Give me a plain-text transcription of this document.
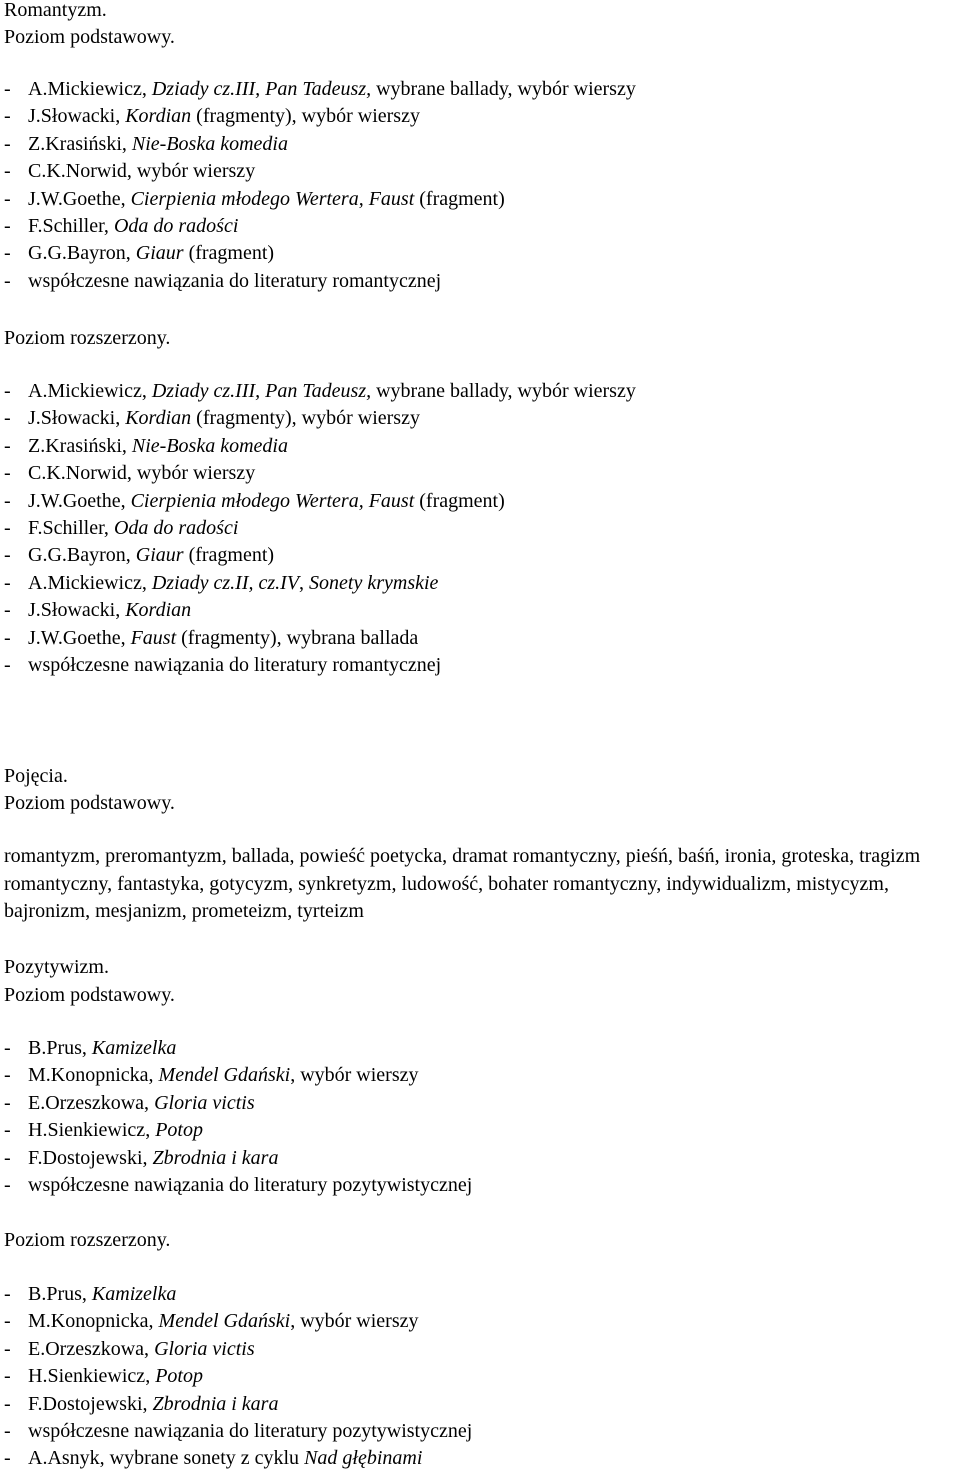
Romantyzm.
Poziom podstawowy.
- A.Mickiewicz, Dziady cz.III, Pan Tadeusz, wybrane ballady, wybór wierszy
- J.Słowacki, Kordian (fragmenty), wybór wierszy
- Z.Krasiński, Nie-Boska komedia
- C.K.Norwid, wybór wierszy
- J.W.Goethe, Cierpienia młodego Wertera, Faust (fragment)
- F.Schiller, Oda do radości
- G.G.Bayron, Giaur (fragment)
- współczesne nawiązania do literatury romantycznej
Poziom rozszerzony.
- A.Mickiewicz, Dziady cz.III, Pan Tadeusz, wybrane ballady, wybór wierszy
- J.Słowacki, Kordian (fragmenty), wybór wierszy
- Z.Krasiński, Nie-Boska komedia
- C.K.Norwid, wybór wierszy
- J.W.Goethe, Cierpienia młodego Wertera, Faust (fragment)
- F.Schiller, Oda do radości
- G.G.Bayron, Giaur (fragment)
- A.Mickiewicz, Dziady cz.II, cz.IV, Sonety krymskie
- J.Słowacki, Kordian
- J.W.Goethe, Faust (fragmenty), wybrana ballada
- współczesne nawiązania do literatury romantycznej
Pojęcia.
Poziom podstawowy.
romantyzm, preromantyzm, ballada, powieść poetycka, dramat romantyczny, pieśń, baśń, ironia, groteska, tragizm romantyczny, fantastyka, gotycyzm, synkretyzm, ludowość, bohater romantyczny, indywidualizm, mistycyzm, bajronizm, mesjanizm, prometeizm, tyrteizm
Pozytywizm.
Poziom podstawowy.
- B.Prus, Kamizelka
- M.Konopnicka, Mendel Gdański, wybór wierszy
- E.Orzeszkowa, Gloria victis
- H.Sienkiewicz, Potop
- F.Dostojewski, Zbrodnia i kara
- współczesne nawiązania do literatury pozytywistycznej
Poziom rozszerzony.
- B.Prus, Kamizelka
- M.Konopnicka, Mendel Gdański, wybór wierszy
- E.Orzeszkowa, Gloria victis
- H.Sienkiewicz, Potop
- F.Dostojewski, Zbrodnia i kara
- współczesne nawiązania do literatury pozytywistycznej
- A.Asnyk, wybrane sonety z cyklu Nad głębinami
